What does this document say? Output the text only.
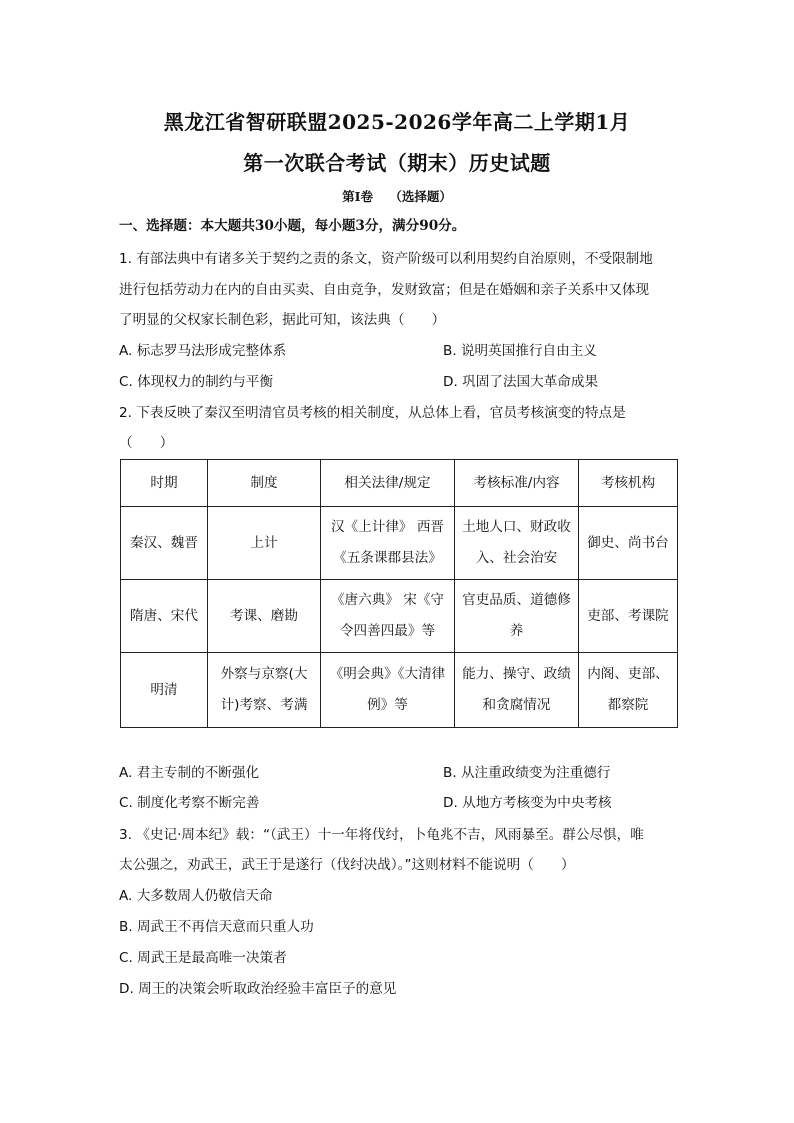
黑龙江省智研联盟2025-2026学年高二上学期1月
第一次联合考试（期末）历史试题
第Ⅰ卷 （选择题）
一、选择题：本大题共30小题，每小题3分，满分90分。
1. 有部法典中有诸多关于契约之责的条文，资产阶级可以利用契约自治原则，不受限制地
进行包括劳动力在内的自由买卖、自由竞争，发财致富；但是在婚姻和亲子关系中又体现
了明显的父权家长制色彩，据此可知，该法典（　　）
A. 标志罗马法形成完整体系	B. 说明英国推行自由主义
C. 体现权力的制约与平衡	D. 巩固了法国大革命成果
2. 下表反映了秦汉至明清官员考核的相关制度，从总体上看，官员考核演变的特点是
（　　）
时期	制度	相关法律/规定	考核标准/内容	考核机构
秦汉、魏晋	上计	汉《上计律》 西晋《五条课郡县法》	土地人口、财政收入、社会治安	御史、尚书台
隋唐、宋代	考课、磨勘	《唐六典》 宋《守令四善四最》等	官吏品质、道德修养	吏部、考课院
明清	外察与京察(大计)考察、考满	《明会典》《大清律例》等	能力、操守、政绩和贪腐情况	内阁、吏部、都察院
A. 君主专制的不断强化	B. 从注重政绩变为注重德行
C. 制度化考察不断完善	D. 从地方考核变为中央考核
3. 《史记·周本纪》载：“（武王）十一年将伐纣，卜龟兆不吉，风雨暴至。群公尽惧，唯
太公强之，劝武王，武王于是遂行（伐纣决战）。”这则材料不能说明（　　）
A. 大多数周人仍敬信天命
B. 周武王不再信天意而只重人功
C. 周武王是最高唯一决策者
D. 周王的决策会听取政治经验丰富臣子的意见
